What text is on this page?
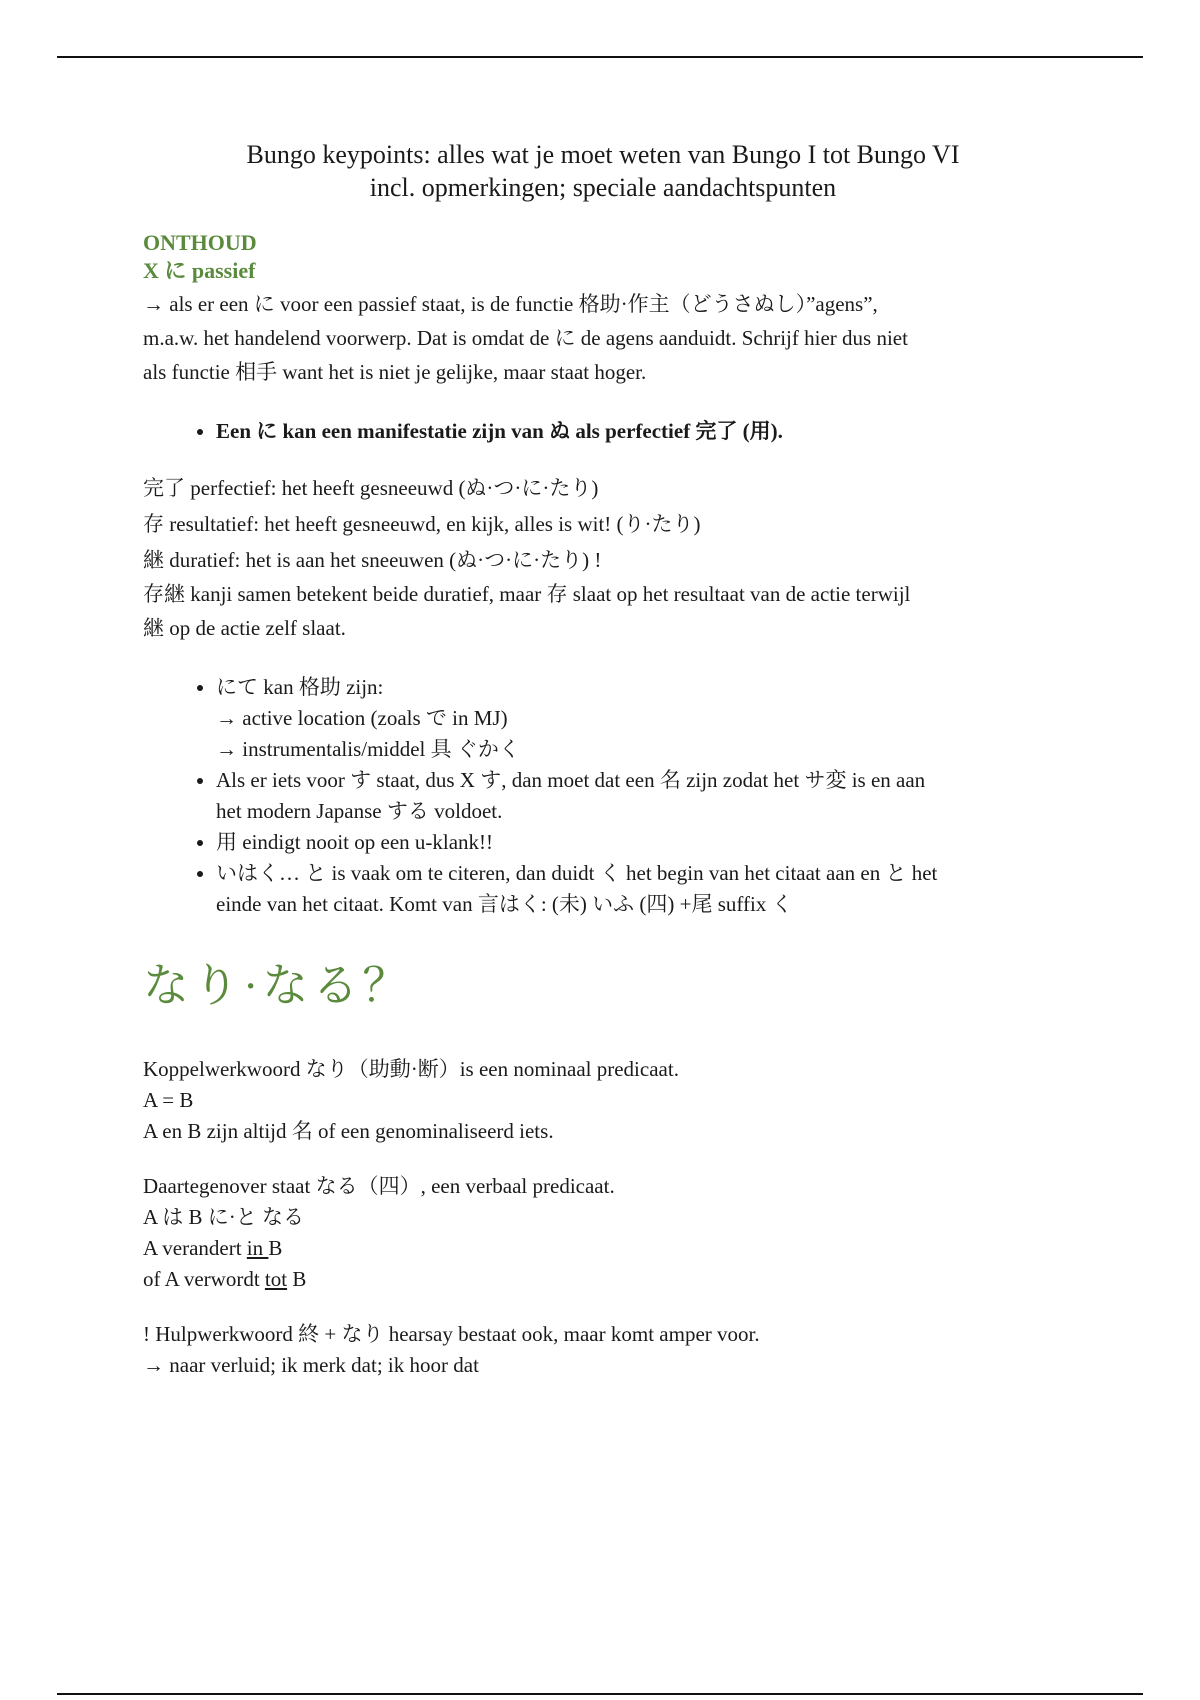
Bungo keypoints: alles wat je moet weten van Bungo I tot Bungo VI
incl. opmerkingen; speciale aandachtspunten
ONTHOUD
X に passief

→ als er een に voor een passief staat, is de functie 格助·作主（どうさぬし）”agens”,

m.a.w. het handelend voorwerp. Dat is omdat de に de agens aanduidt. Schrijf hier dus niet

als functie 相手 want het is niet je gelijke, maar staat hoger.

• Een に kan een manifestatie zijn van ぬ als perfectief 完了 (用).

完了 perfectief: het heeft gesneeuwd (ぬ·つ·に·たり)

存 resultatief: het heeft gesneeuwd, en kijk, alles is wit! (り·たり)

継 duratief: het is aan het sneeuwen (ぬ·つ·に·たり) !

存継 kanji samen betekent beide duratief, maar 存 slaat op het resultaat van de actie terwijl

継 op de actie zelf slaat.

• にて kan 格助 zijn:
→ active location (zoals で in MJ)
→ instrumentalis/middel 具 ぐかく
• Als er iets voor す staat, dus X す, dan moet dat een 名 zijn zodat het サ変 is en aan
het modern Japanse する voldoet.
• 用 eindigt nooit op een u-klank!!
• いはく… と is vaak om te citeren, dan duidt く het begin van het citaat aan en と het
einde van het citaat. Komt van 言はく: (未) いふ (四) +尾 suffix く
なり·なる？

Koppelwerkwoord なり（助動·断）is een nominaal predicaat.

A = B

A en B zijn altijd 名 of een genominaliseerd iets.

Daartegenover staat なる（四）, een verbaal predicaat.

A は B に·と なる

A verandert in B

of A verwordt tot B

! Hulpwerkwoord 終 + なり hearsay bestaat ook, maar komt amper voor.

→ naar verluid; ik merk dat; ik hoor dat
